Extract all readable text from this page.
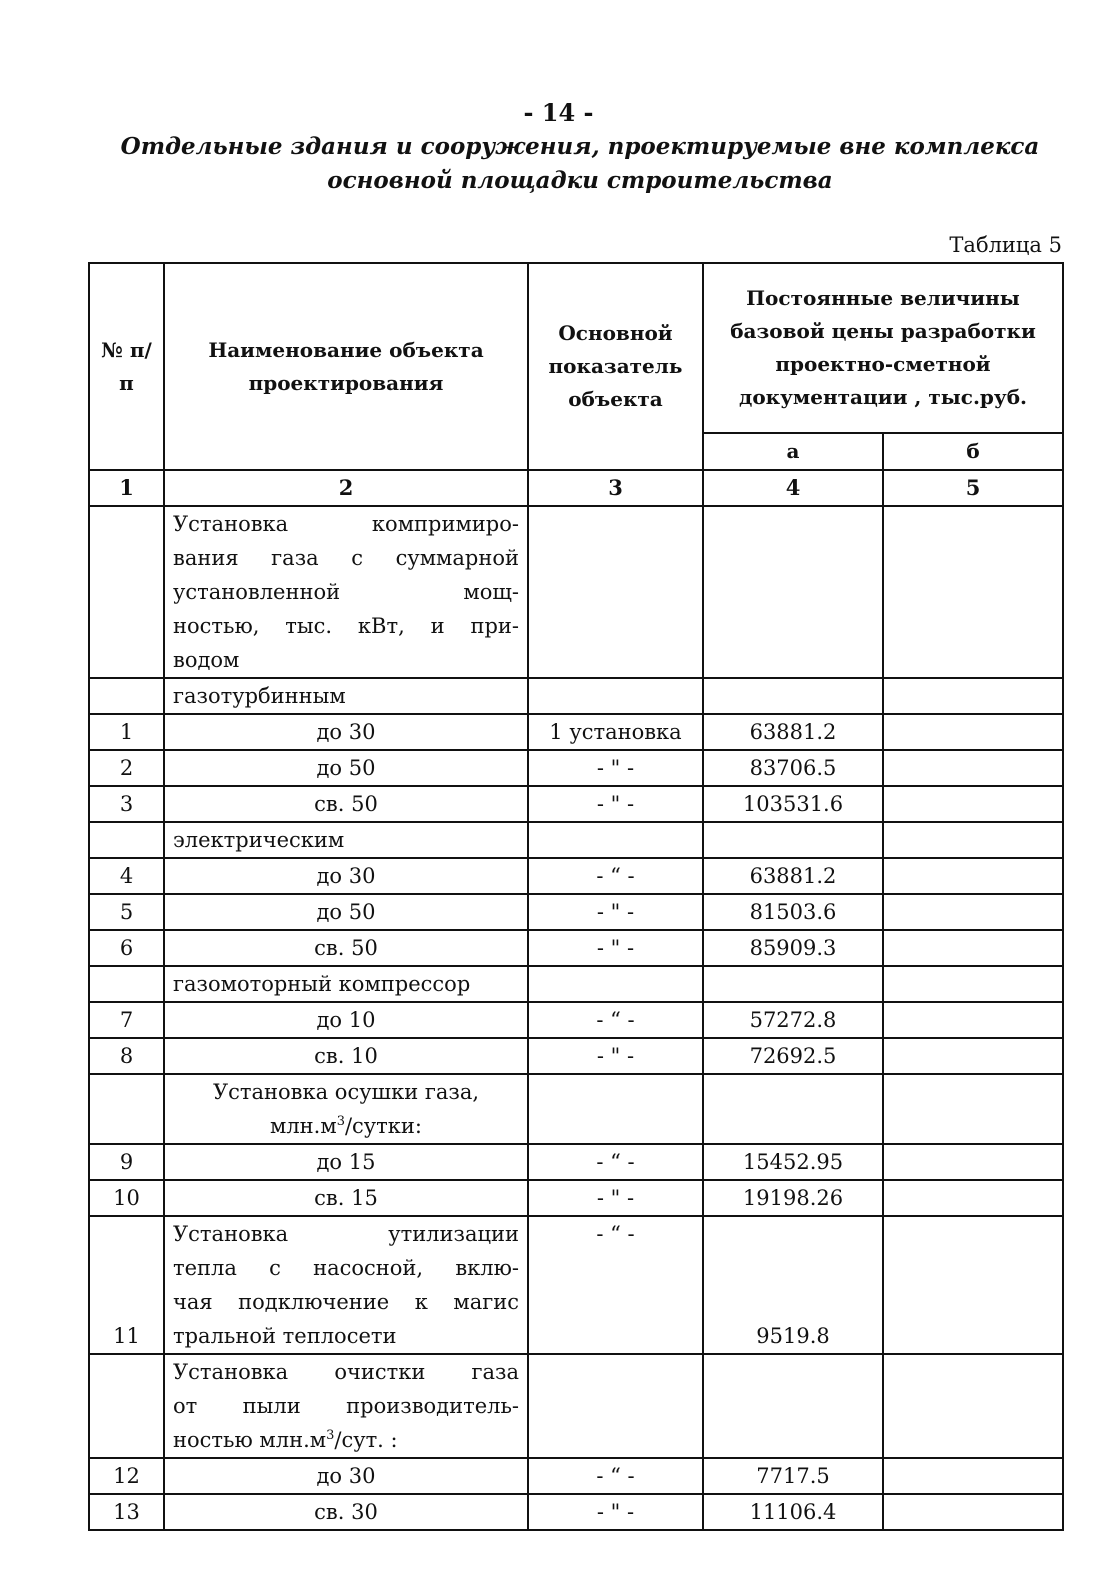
- 14 -
Отдельные здания и сооружения, проектируемые вне комплекса
основной площадки строительства
Таблица 5
№ п/п	Наименование объекта проектирования	Основной показатель объекта	Постоянные величины базовой цены разработки проектно-сметной документации , тыс.руб.	
			а	б
1	2	3	4	5

	Установка компримиро-
вания газа с суммарной
установленной мощ-
ностью, тыс. кВт, и при-
водом			

	газотурбинным			
1	до 30	1 установка	63881.2	
2	до 50	- " -	83706.5	
3	св. 50	- " -	103531.6	
	электрическим			
4	до 30	- “ -	63881.2	
5	до 50	- " -	81503.6	
6	св. 50	- " -	85909.3	
	газомоторный компрессор			
7	до 10	- “ -	57272.8	
8	св. 10	- " -	72692.5	

	Установка осушки газа,
$млн.м^3$/сутки:			

9	до 15	- “ -	15452.95	
10	св. 15	- " -	19198.26	
11	Установка утилизации
тепла с насосной, вклю-
чая подключение к магис
тральной теплосети	- “ -	9519.8	

	Установка очистки газа
от пыли производитель-
ностью $млн.м^3$/сут. :			

12	до 30	- “ -	7717.5	
13	св. 30	- " -	11106.4	
